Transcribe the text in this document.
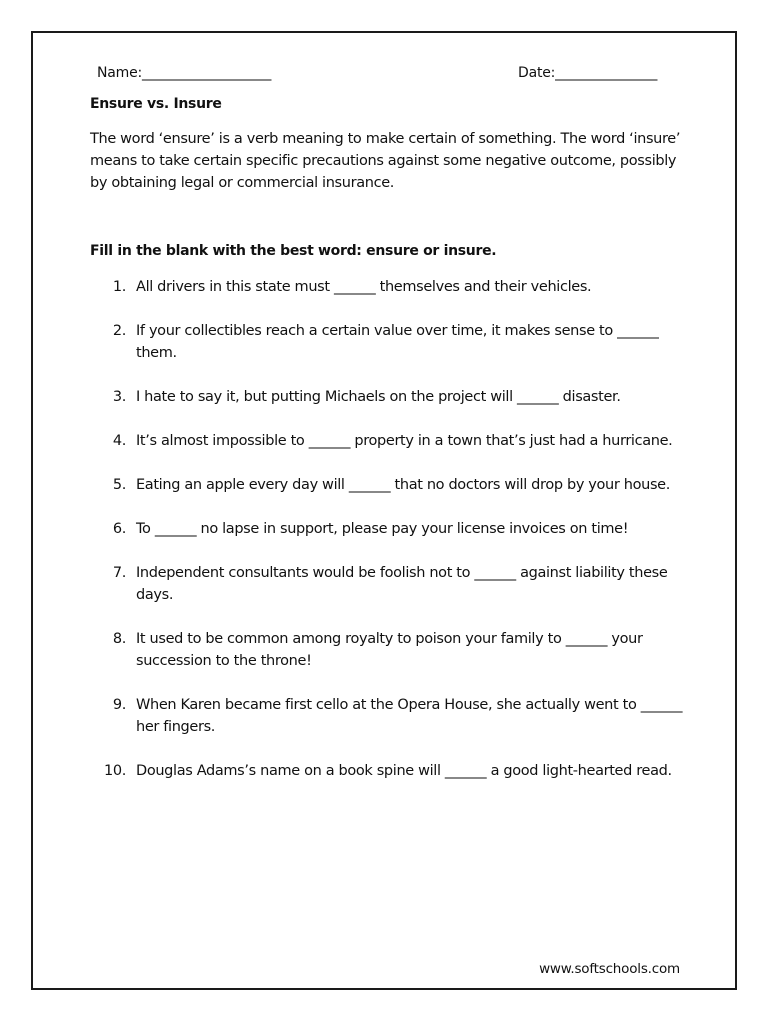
Name:___________________	Date:_______________
Ensure vs. Insure

The word ‘ensure’ is a verb meaning to make certain of something. The word ‘insure’ means to take certain specific precautions against some negative outcome, possibly by obtaining legal or commercial insurance.

Fill in the blank with the best word: ensure or insure.
1. All drivers in this state must ______ themselves and their vehicles.
2. If your collectibles reach a certain value over time, it makes sense to ______ them.
3. I hate to say it, but putting Michaels on the project will ______ disaster.
4. It’s almost impossible to ______ property in a town that’s just had a hurricane.
5. Eating an apple every day will ______ that no doctors will drop by your house.
6. To ______ no lapse in support, please pay your license invoices on time!
7. Independent consultants would be foolish not to ______ against liability these days.
8. It used to be common among royalty to poison your family to ______ your succession to the throne!
9. When Karen became first cello at the Opera House, she actually went to ______ her fingers.
10. Douglas Adams’s name on a book spine will ______ a good light-hearted read.
www.softschools.com
